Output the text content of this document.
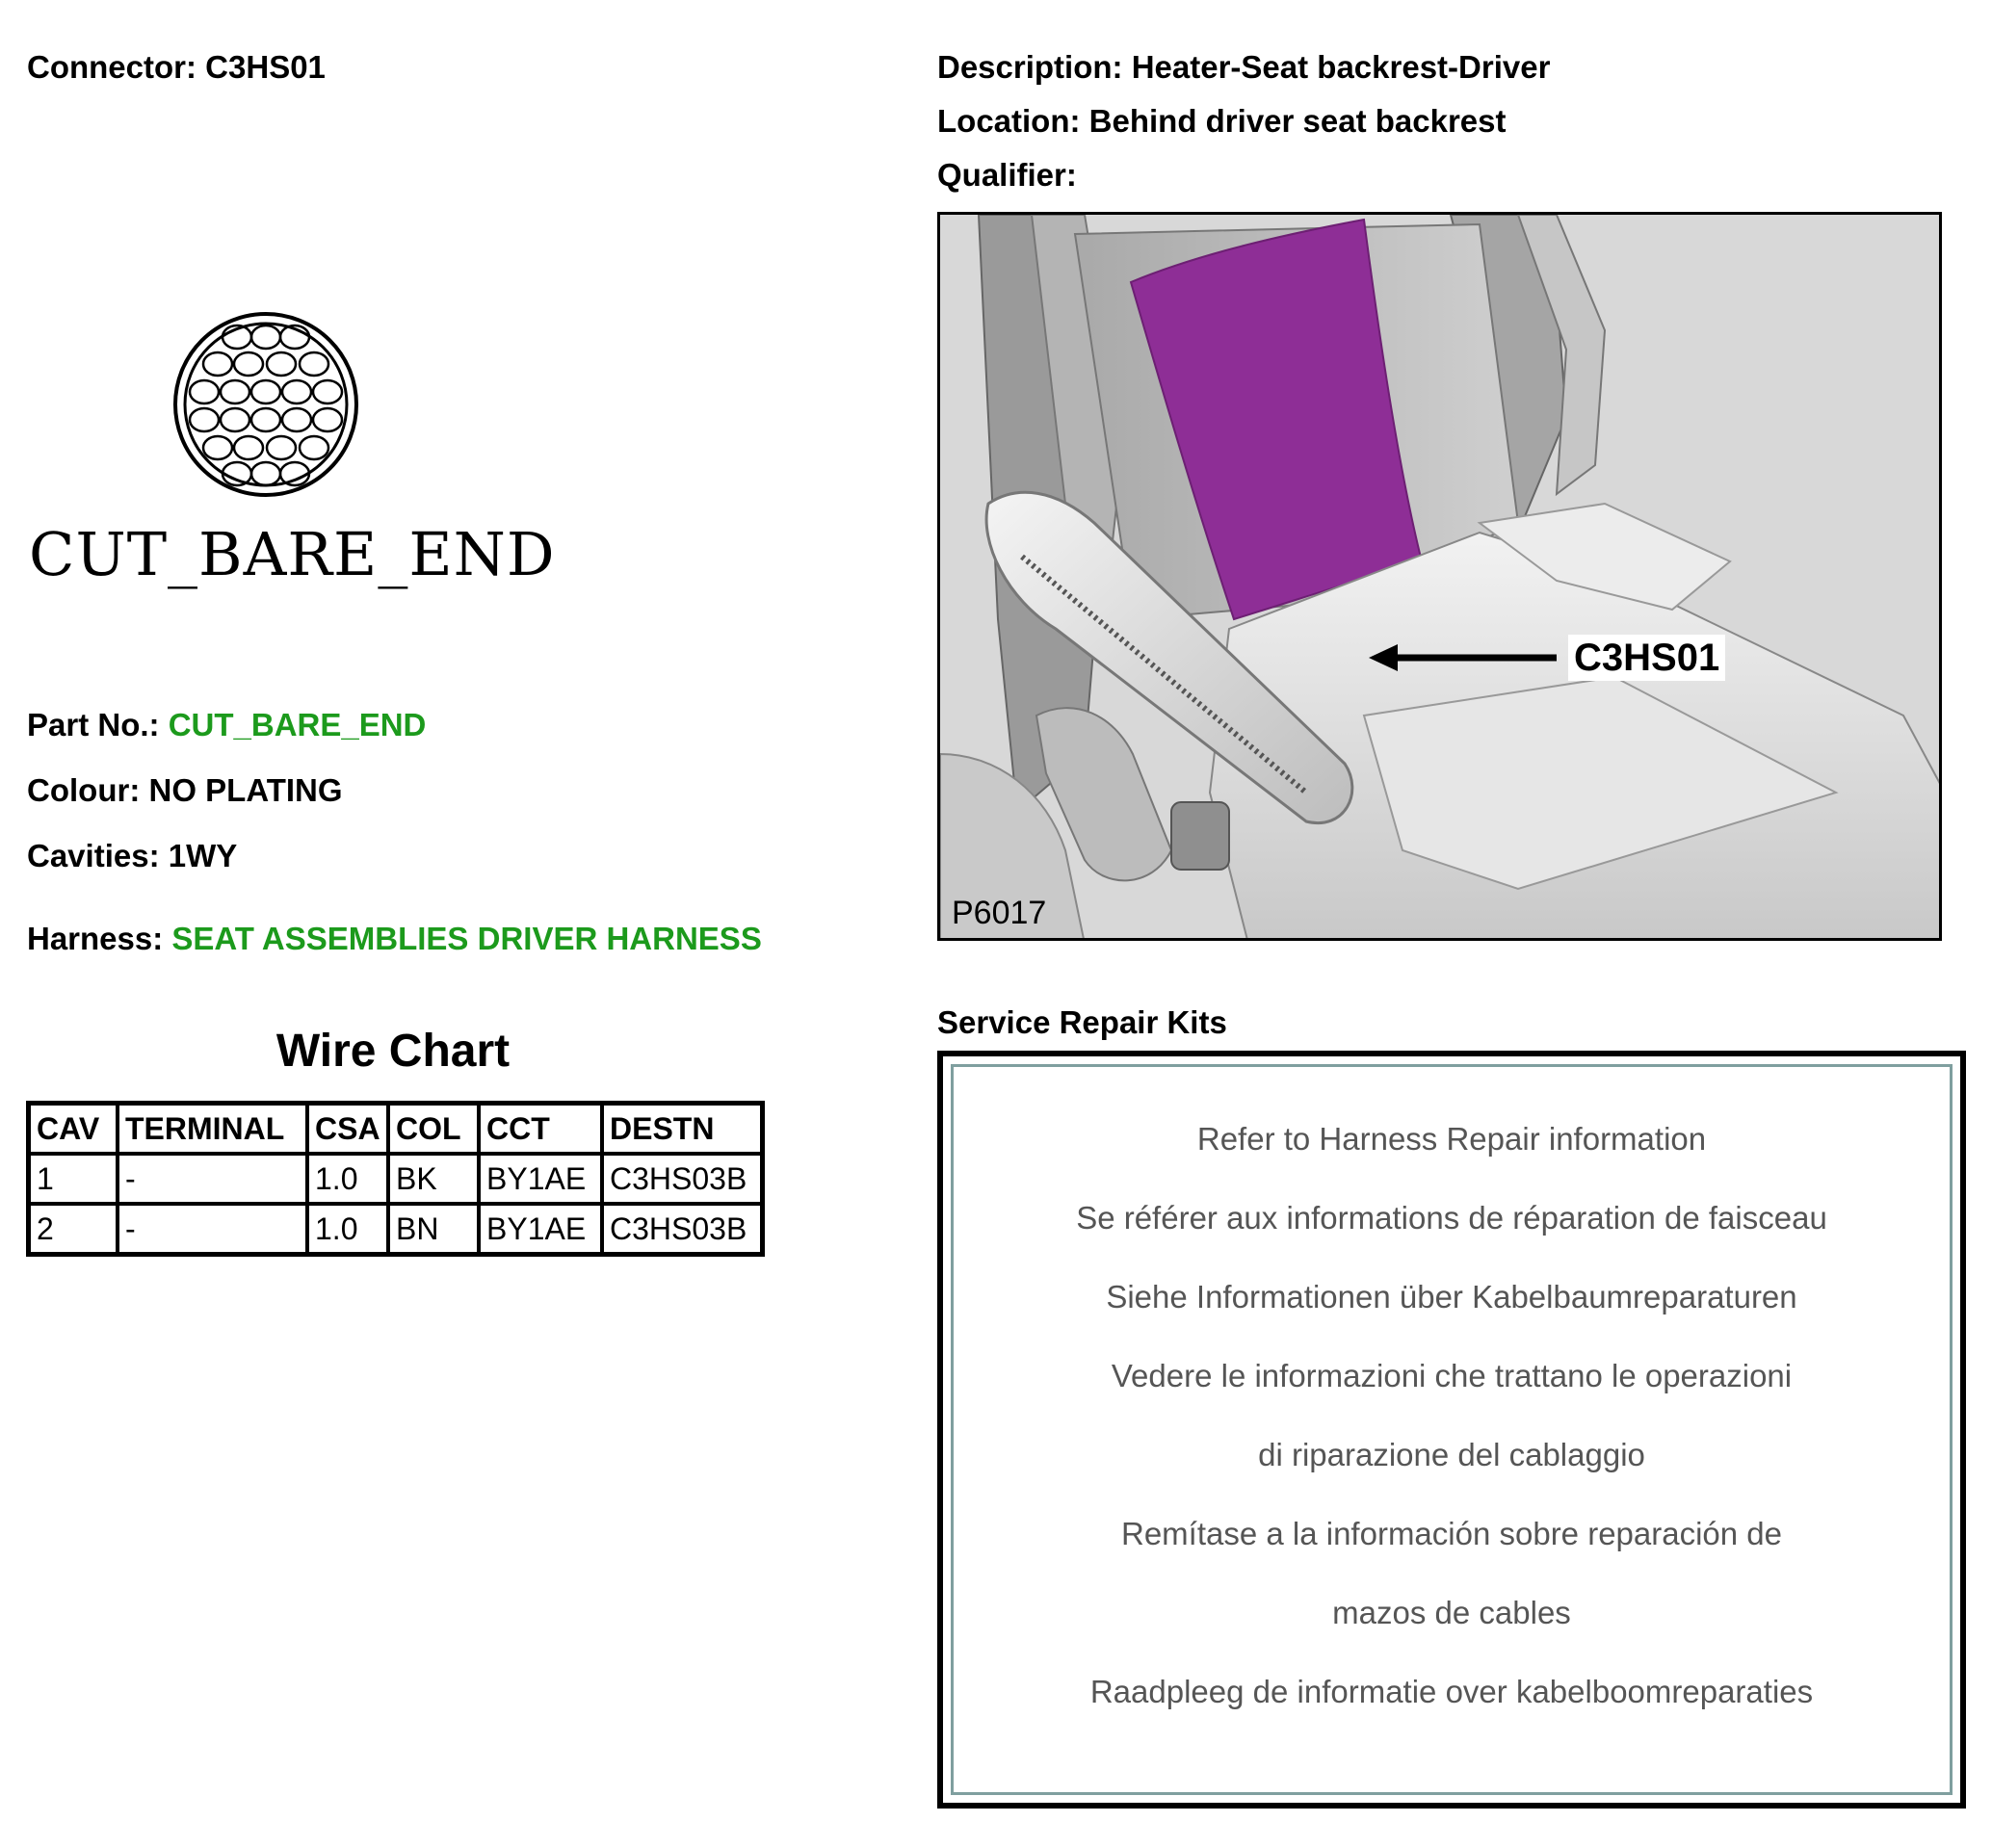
Connector: C3HS01	Description: Heater-Seat backrest-Driver
Location: Behind driver seat backrest
Qualifier:
CUT_BARE_END
Part No.: CUT_BARE_END
Colour: NO PLATING
Cavities: 1WY
Harness: SEAT ASSEMBLIES DRIVER HARNESS
Wire Chart
CAV	TERMINAL	CSA	COL	CCT	DESTN
1	-	1.0	BK	BY1AE	C3HS03B
2	-	1.0	BN	BY1AE	C3HS03B
C3HS01
P6017
Service Repair Kits
Refer to Harness Repair information
Se référer aux informations de réparation de faisceau
Siehe Informationen über Kabelbaumreparaturen
Vedere le informazioni che trattano le operazioni
di riparazione del cablaggio
Remítase a la información sobre reparación de
mazos de cables
Raadpleeg de informatie over kabelboomreparaties
